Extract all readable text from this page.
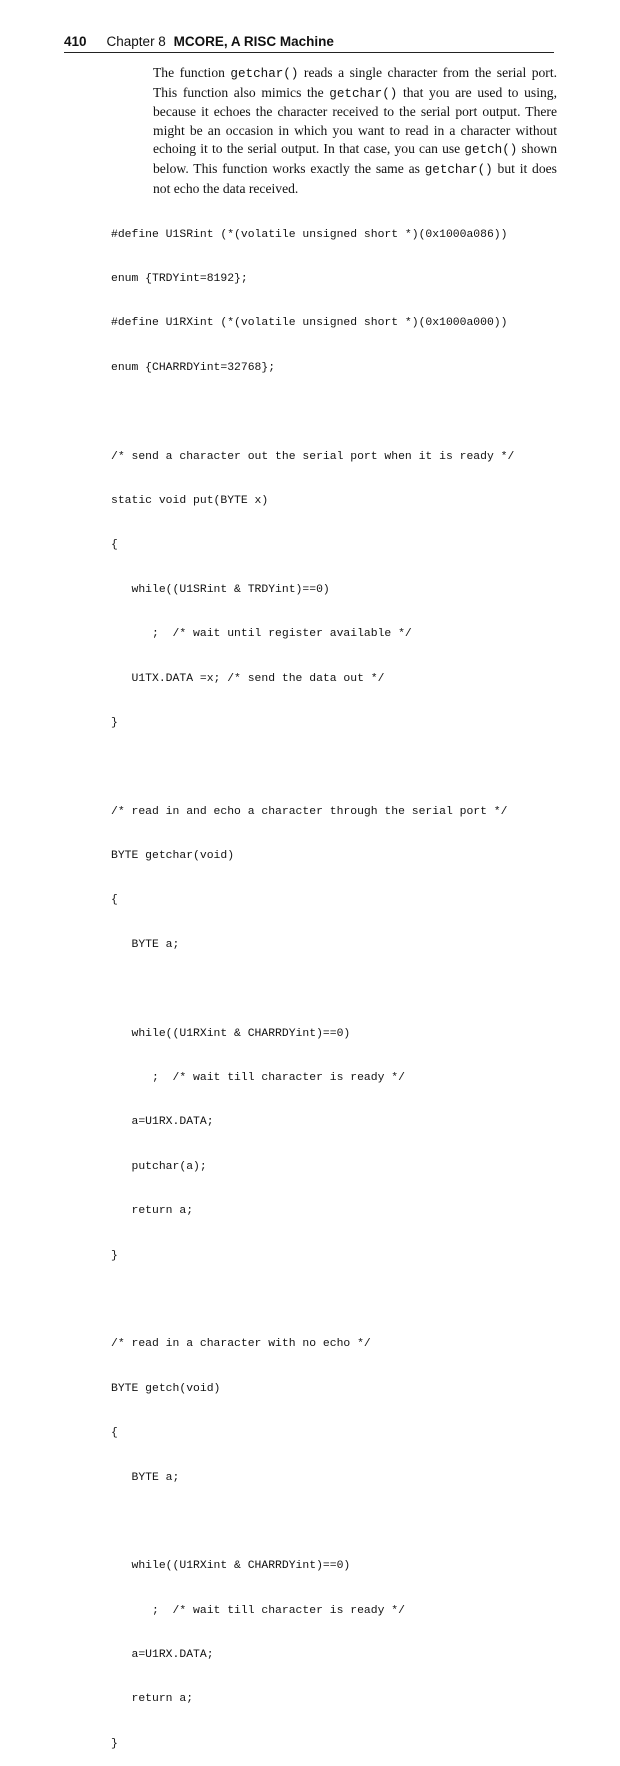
410 Chapter 8 MCORE, A RISC Machine

The function getchar() reads a single character from the serial port. This function also mimics the getchar() that you are used to using, because it echoes the character received to the serial port output. There might be an occasion in which you want to read in a character without echoing it to the serial output. In that case, you can use getch() shown below. This function works exactly the same as getchar() but it does not echo the data received.

#define U1SRint (*(volatile unsigned short *)(0x1000a086))

enum {TRDYint=8192};

#define U1RXint (*(volatile unsigned short *)(0x1000a000))

enum {CHARRDYint=32768};

/* send a character out the serial port when it is ready */

static void put(BYTE x)

{

while((U1SRint & TRDYint)==0)

;  /* wait until register available */

U1TX.DATA =x; /* send the data out */

}

/* read in and echo a character through the serial port */

BYTE getchar(void)

{

BYTE a;

while((U1RXint & CHARRDYint)==0)

;  /* wait till character is ready */

a=U1RX.DATA;

putchar(a);

return a;

}

/* read in a character with no echo */

BYTE getch(void)

{

BYTE a;

while((U1RXint & CHARRDYint)==0)

;  /* wait till character is ready */

a=U1RX.DATA;

return a;

}
